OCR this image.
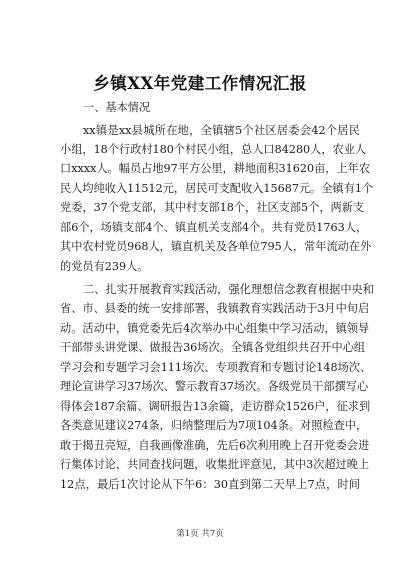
乡镇XX年党建工作情况汇报
一、基本情况
xx镇是xx县城所在地，全镇辖5个社区居委会42个居民
小组，18个行政村180个村民小组，总人口84280人，农业人
口xxxx人。幅员占地97平方公里，耕地面积31620亩，上年农
民人均纯收入11512元，居民可支配收入15687元。全镇有1个
党委，37个党支部，其中村支部18个，社区支部5个，两新支
部6个，场镇支部4个、镇直机关支部4个。共有党员1763人，
其中农村党员968人，镇直机关及各单位795人，常年流动在外
的党员有239人。
二、扎实开展教育实践活动，强化理想信念教育根据中央和
省、市、县委的统一安排部署，我镇教育实践活动于3月中旬启
动。活动中，镇党委先后4次举办中心组集中学习活动，镇领导
干部带头讲党课、做报告36场次。全镇各党组织共召开中心组
学习会和专题学习会111场次、专项教育和专题讨论148场次、
理论宣讲学习37场次、警示教育37场次。各级党员干部撰写心
得体会187余篇、调研报告13余篇，走访群众1526户，征求到
各类意见建议274条，归纳整理后为7项104条。对照检查中，
敢于揭丑亮短，自我画像准确，先后6次利用晚上召开党委会进
行集体讨论，共同查找问题，收集批评意见，其中3次超过晚上
12点，最后1次讨论从下午6：30直到第二天早上7点，时间
第1页 共7页
